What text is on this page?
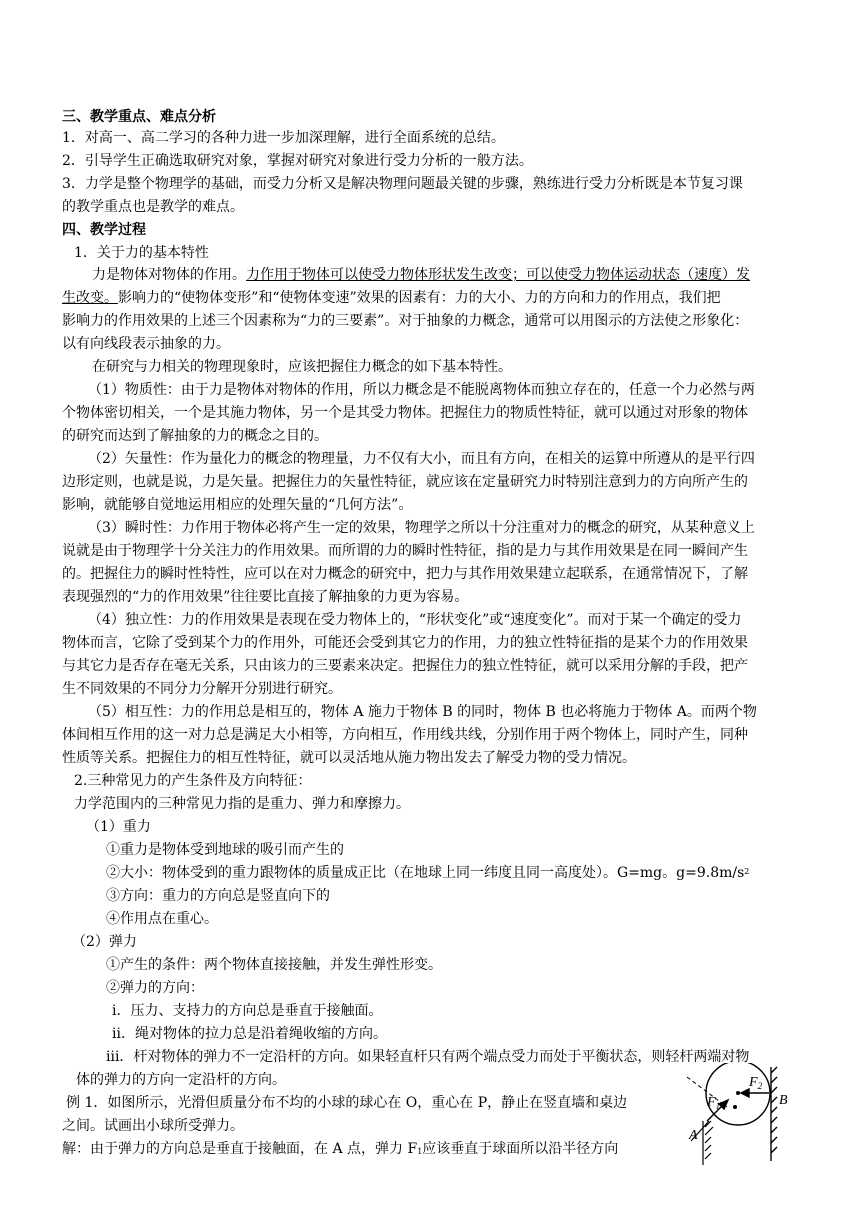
三、教学重点、难点分析
1．对高一、高二学习的各种力进一步加深理解，进行全面系统的总结。
2．引导学生正确选取研究对象，掌握对研究对象进行受力分析的一般方法。
3．力学是整个物理学的基础，而受力分析又是解决物理问题最关键的步骤，熟练进行受力分析既是本节复习课
的教学重点也是教学的难点。
四、教学过程
1．关于力的基本特性
力是物体对物体的作用。力作用于物体可以使受力物体形状发生改变；可以使受力物体运动状态（速度）发
生改变。影响力的“使物体变形”和“使物体变速”效果的因素有：力的大小、力的方向和力的作用点，我们把
影响力的作用效果的上述三个因素称为“力的三要素”。对于抽象的力概念，通常可以用图示的方法使之形象化：
以有向线段表示抽象的力。
在研究与力相关的物理现象时，应该把握住力概念的如下基本特性。
（1）物质性：由于力是物体对物体的作用，所以力概念是不能脱离物体而独立存在的，任意一个力必然与两
个物体密切相关，一个是其施力物体，另一个是其受力物体。把握住力的物质性特征，就可以通过对形象的物体
的研究而达到了解抽象的力的概念之目的。
（2）矢量性：作为量化力的概念的物理量，力不仅有大小，而且有方向，在相关的运算中所遵从的是平行四
边形定则，也就是说，力是矢量。把握住力的矢量性特征，就应该在定量研究力时特别注意到力的方向所产生的
影响，就能够自觉地运用相应的处理矢量的“几何方法”。
（3）瞬时性：力作用于物体必将产生一定的效果，物理学之所以十分注重对力的概念的研究，从某种意义上
说就是由于物理学十分关注力的作用效果。而所谓的力的瞬时性特征，指的是力与其作用效果是在同一瞬间产生
的。把握住力的瞬时性特性，应可以在对力概念的研究中，把力与其作用效果建立起联系，在通常情况下，了解
表现强烈的“力的作用效果”往往要比直接了解抽象的力更为容易。
（4）独立性：力的作用效果是表现在受力物体上的，“形状变化”或“速度变化”。而对于某一个确定的受力
物体而言，它除了受到某个力的作用外，可能还会受到其它力的作用，力的独立性特征指的是某个力的作用效果
与其它力是否存在毫无关系，只由该力的三要素来决定。把握住力的独立性特征，就可以采用分解的手段，把产
生不同效果的不同分力分解开分别进行研究。
（5）相互性：力的作用总是相互的，物体 A 施力于物体 B 的同时，物体 B 也必将施力于物体 A。而两个物
体间相互作用的这一对力总是满足大小相等，方向相互，作用线共线，分别作用于两个物体上，同时产生，同种
性质等关系。把握住力的相互性特征，就可以灵活地从施力物出发去了解受力物的受力情况。
2.三种常见力的产生条件及方向特征：
力学范围内的三种常见力指的是重力、弹力和摩擦力。
（1）重力
①重力是物体受到地球的吸引而产生的
②大小：物体受到的重力跟物体的质量成正比（在地球上同一纬度且同一高度处）。G=mg。$g=9.8m/s^2$
③方向：重力的方向总是竖直向下的
④作用点在重心。
（2）弹力
①产生的条件：两个物体直接接触，并发生弹性形变。
②弹力的方向：
ⅰ．压力、支持力的方向总是垂直于接触面。
ⅱ．绳对物体的拉力总是沿着绳收缩的方向。
ⅲ．杆对物体的弹力不一定沿杆的方向。如果轻直杆只有两个端点受力而处于平衡状态，则轻杆两端对物
体的弹力的方向一定沿杆的方向。
例 1．如图所示，光滑但质量分布不均的小球的球心在 O，重心在 P，静止在竖直墙和桌边
之间。试画出小球所受弹力。
解：由于弹力的方向总是垂直于接触面，在 A 点，弹力 F1应该垂直于球面所以沿半径方向
$F_1$
$F_2$
A
B
